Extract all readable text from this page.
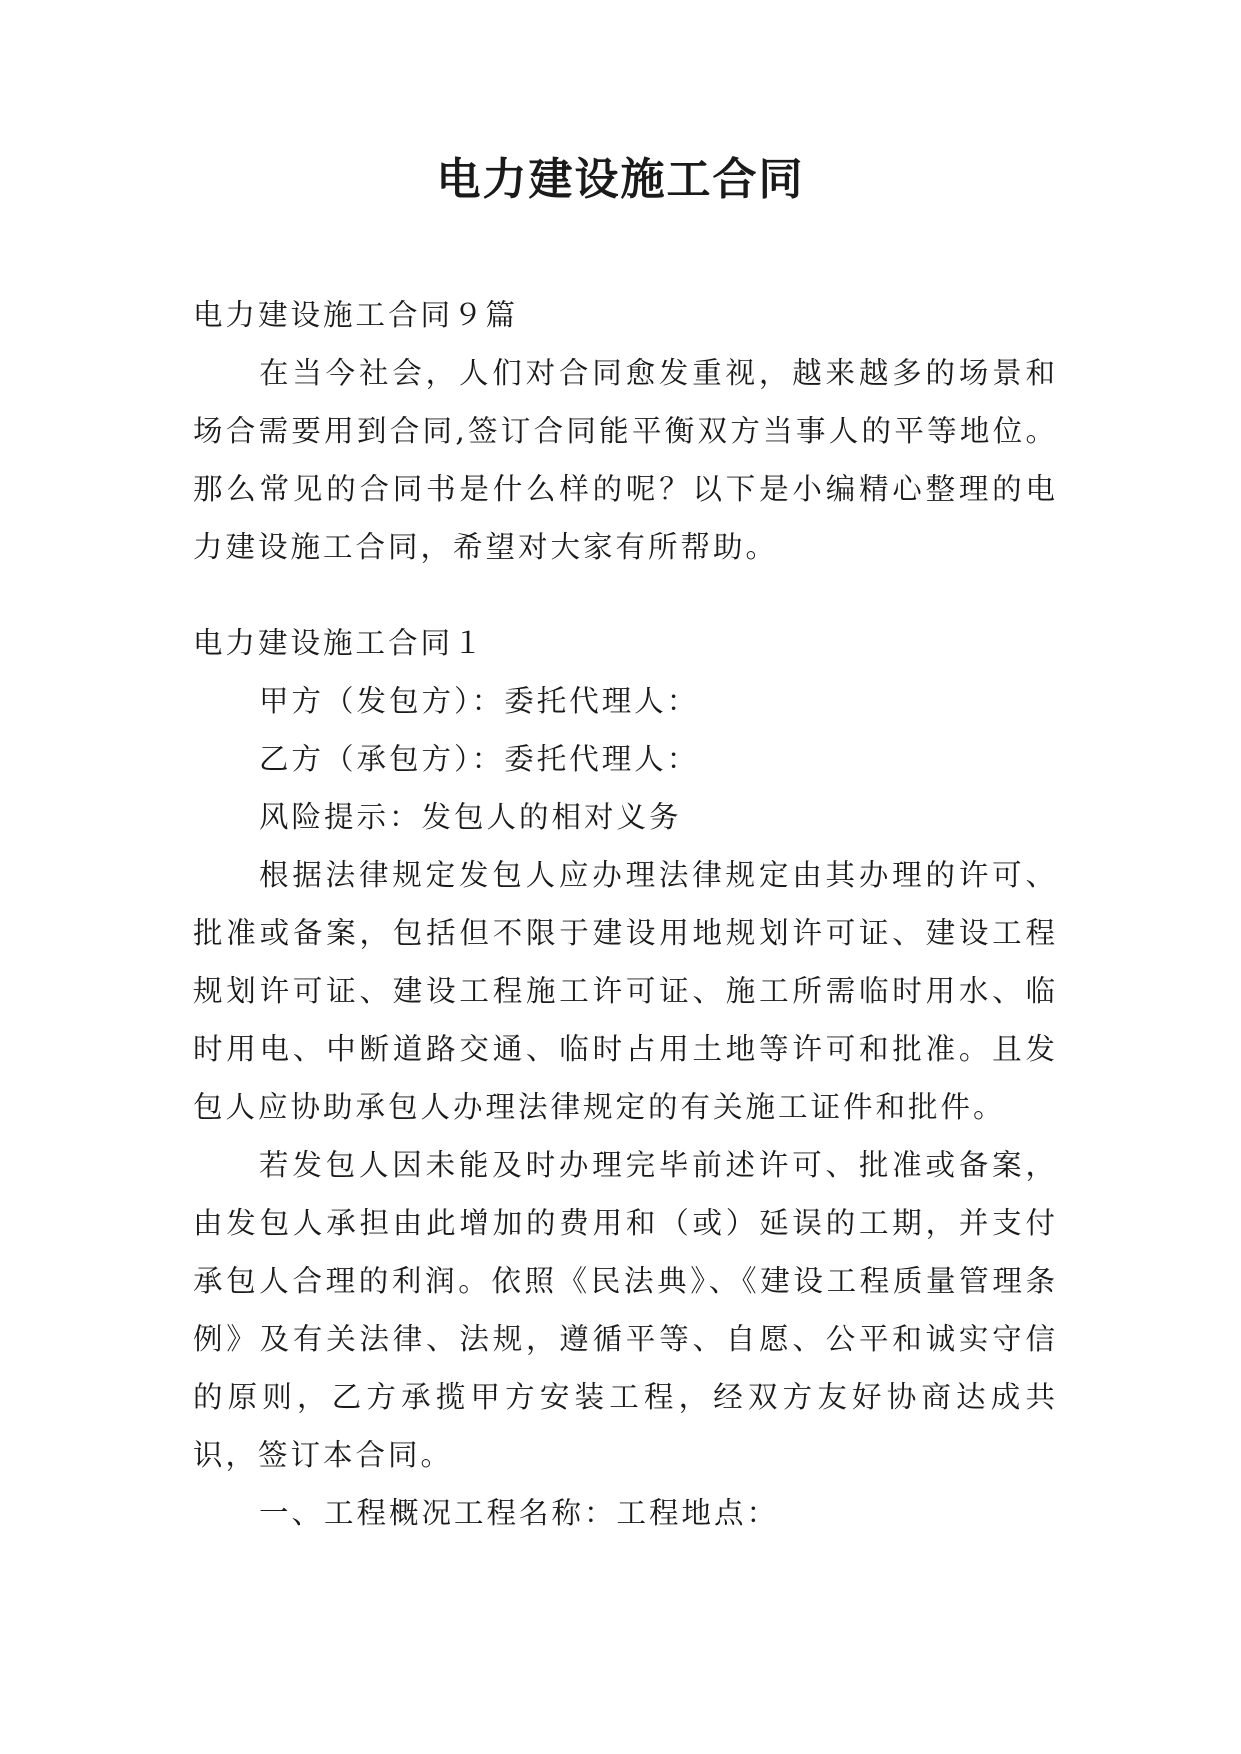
电力建设施工合同

电力建设施工合同９篇

在当今社会，人们对合同愈发重视，越来越多的场景和场合需要用到合同,签订合同能平衡双方当事人的平等地位。那么常见的合同书是什么样的呢？以下是小编精心整理的电力建设施工合同，希望对大家有所帮助。

电力建设施工合同１

甲方（发包方）：委托代理人：

乙方（承包方）：委托代理人：

风险提示：发包人的相对义务

根据法律规定发包人应办理法律规定由其办理的许可、批准或备案，包括但不限于建设用地规划许可证、建设工程规划许可证、建设工程施工许可证、施工所需临时用水、临时用电、中断道路交通、临时占用土地等许可和批准。且发包人应协助承包人办理法律规定的有关施工证件和批件。

若发包人因未能及时办理完毕前述许可、批准或备案，由发包人承担由此增加的费用和（或）延误的工期，并支付承包人合理的利润。依照《民法典》、《建设工程质量管理条例》及有关法律、法规，遵循平等、自愿、公平和诚实守信的原则，乙方承揽甲方安装工程，经双方友好协商达成共识，签订本合同。

一、工程概况工程名称：工程地点：
